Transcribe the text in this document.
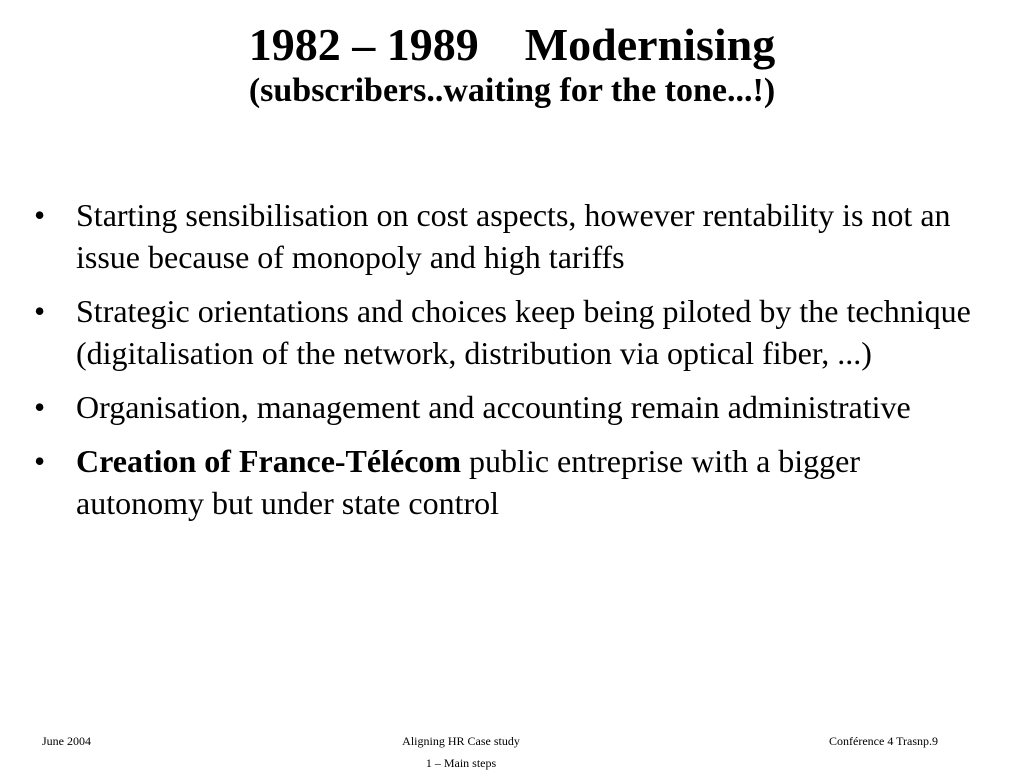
1982 – 1989    Modernising
(subscribers..waiting for the tone...!)
• Starting sensibilisation on cost aspects, however rentability is not an issue because of monopoly and high tariffs
• Strategic orientations and choices keep being piloted by the technique (digitalisation of the network, distribution via optical fiber, ...)
• Organisation, management and accounting remain administrative
• Creation of France-Télécom public entreprise with a bigger autonomy but under state control
June 2004	Aligning HR Case study	Conférence 4 Trasnp.9
1 – Main steps
